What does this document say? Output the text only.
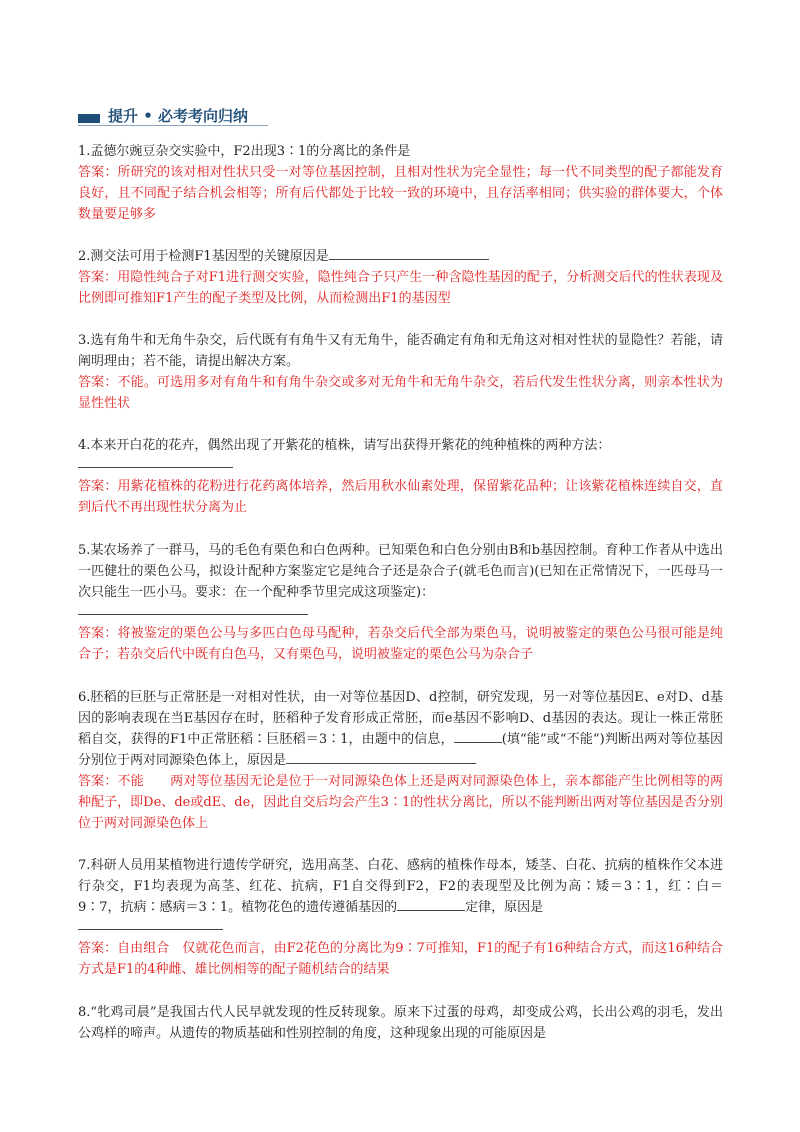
提升 • 必考考向归纳

1.孟德尔豌豆杂交实验中，F2出现3∶1的分离比的条件是

答案：所研究的该对相对性状只受一对等位基因控制，且相对性状为完全显性；每一代不同类型的配子都能发育良好，且不同配子结合机会相等；所有后代都处于比较一致的环境中，且存活率相同；供实验的群体要大，个体数量要足够多

2.测交法可用于检测F1基因型的关键原因是

答案：用隐性纯合子对F1进行测交实验，隐性纯合子只产生一种含隐性基因的配子，分析测交后代的性状表现及比例即可推知F1产生的配子类型及比例，从而检测出F1的基因型

3.选有角牛和无角牛杂交，后代既有有角牛又有无角牛，能否确定有角和无角这对相对性状的显隐性？若能，请阐明理由；若不能，请提出解决方案。

答案：不能。可选用多对有角牛和有角牛杂交或多对无角牛和无角牛杂交，若后代发生性状分离，则亲本性状为显性性状

4.本来开白花的花卉，偶然出现了开紫花的植株，请写出获得开紫花的纯种植株的两种方法：

答案：用紫花植株的花粉进行花药离体培养，然后用秋水仙素处理，保留紫花品种；让该紫花植株连续自交，直到后代不再出现性状分离为止

5.某农场养了一群马，马的毛色有栗色和白色两种。已知栗色和白色分别由B和b基因控制。育种工作者从中选出一匹健壮的栗色公马，拟设计配种方案鉴定它是纯合子还是杂合子(就毛色而言)(已知在正常情况下，一匹母马一次只能生一匹小马。要求：在一个配种季节里完成这项鉴定)：

答案：将被鉴定的栗色公马与多匹白色母马配种，若杂交后代全部为栗色马，说明被鉴定的栗色公马很可能是纯合子；若杂交后代中既有白色马，又有栗色马，说明被鉴定的栗色公马为杂合子

6.胚稻的巨胚与正常胚是一对相对性状，由一对等位基因D、d控制，研究发现，另一对等位基因E、e对D、d基因的影响表现在当E基因存在时，胚稻种子发育形成正常胚，而e基因不影响D、d基因的表达。现让一株正常胚稻自交，获得的F1中正常胚稻∶巨胚稻＝3∶1，由题中的信息，	(填“能”或“不能”)判断出两对等位基因分别位于两对同源染色体上，原因是

答案：不能　　两对等位基因无论是位于一对同源染色体上还是两对同源染色体上，亲本都能产生比例相等的两种配子，即De、de或dE、de，因此自交后均会产生3∶1的性状分离比，所以不能判断出两对等位基因是否分别位于两对同源染色体上

7.科研人员用某植物进行遗传学研究，选用高茎、白花、感病的植株作母本，矮茎、白花、抗病的植株作父本进行杂交，F1均表现为高茎、红花、抗病，F1自交得到F2，F2的表现型及比例为高∶矮＝3∶1，红∶白＝9∶7，抗病∶感病＝3∶1。植物花色的遗传遵循基因的	定律，原因是

答案：自由组合　仅就花色而言，由F2花色的分离比为9∶7可推知，F1的配子有16种结合方式，而这16种结合方式是F1的4种雌、雄比例相等的配子随机结合的结果

8.“牝鸡司晨”是我国古代人民早就发现的性反转现象。原来下过蛋的母鸡，却变成公鸡，长出公鸡的羽毛，发出公鸡样的啼声。从遗传的物质基础和性别控制的角度，这种现象出现的可能原因是
